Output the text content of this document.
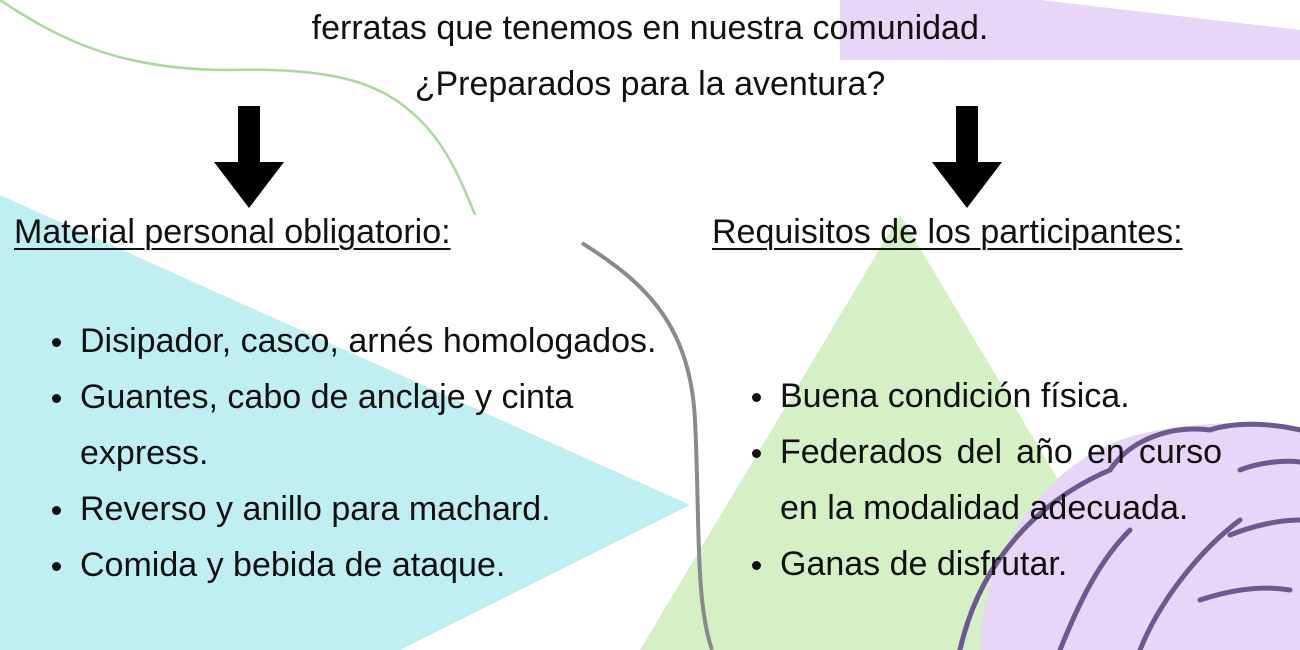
ferratas que tenemos en nuestra comunidad.
¿Preparados para la aventura?
Material personal obligatorio:	Requisitos de los participantes:
Disipador, casco, arnés homologados.
Guantes, cabo de anclaje y cinta express.
Reverso y anillo para machard.
Comida y bebida de ataque.
Buena condición física.
Federados del año en curso en la modalidad adecuada.
Ganas de disfrutar.
